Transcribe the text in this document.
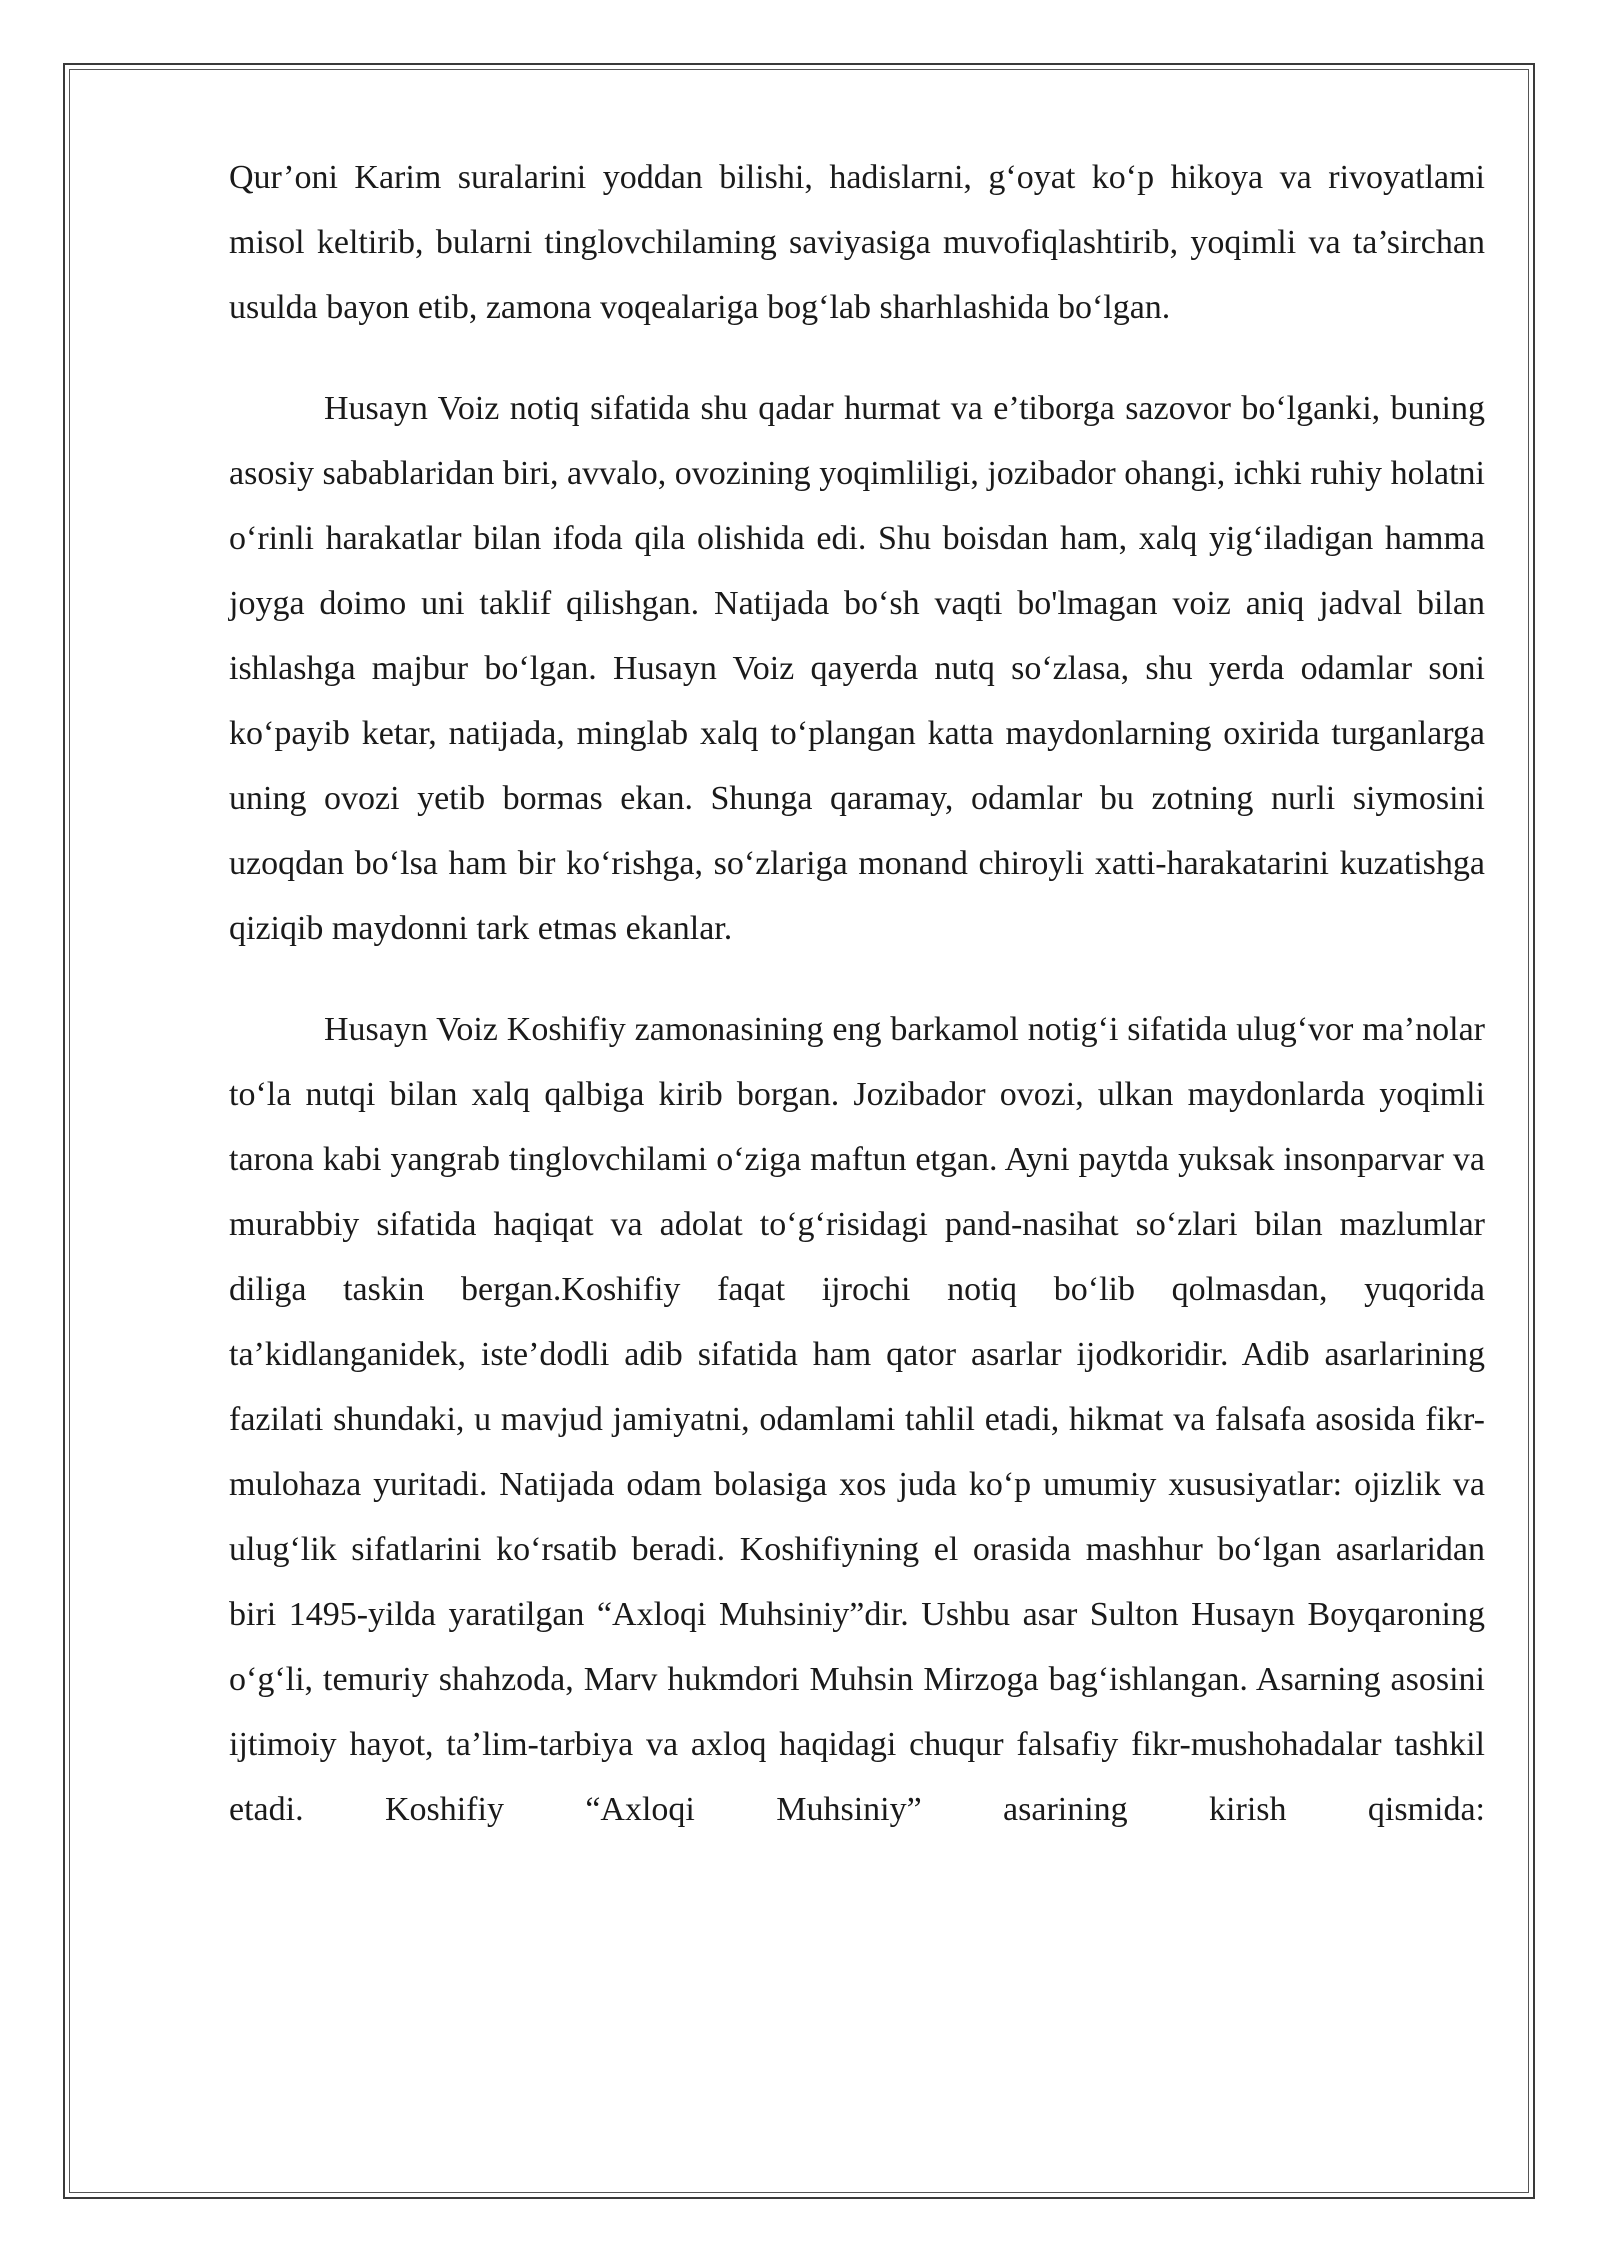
Qur’oni Karim suralarini yoddan bilishi, hadislarni, g‘oyat ko‘p hikoya va rivoyatlami misol keltirib, bularni tinglovchilaming saviyasiga muvofiqlashtirib, yoqimli va ta’sirchan usulda bayon etib, zamona voqealariga bog‘lab sharhlashida bo‘lgan.

Husayn Voiz notiq sifatida shu qadar hurmat va e’tiborga sazovor bo‘lganki, buning asosiy sabablaridan biri, avvalo, ovozining yoqimliligi, jozibador ohangi, ichki ruhiy holatni o‘rinli harakatlar bilan ifoda qila olishida edi. Shu boisdan ham, xalq yig‘iladigan hamma joyga doimo uni taklif qilishgan. Natijada bo‘sh vaqti bo'lmagan voiz aniq jadval bilan ishlashga majbur bo‘lgan. Husayn Voiz qayerda nutq so‘zlasa, shu yerda odamlar soni ko‘payib ketar, natijada, minglab xalq to‘plangan katta maydonlarning oxirida turganlarga uning ovozi yetib bormas ekan. Shunga qaramay, odamlar bu zotning nurli siymosini uzoqdan bo‘lsa ham bir ko‘rishga, so‘zlariga monand chiroyli xatti-harakatarini kuzatishga qiziqib maydonni tark etmas ekanlar.

Husayn Voiz Koshifiy zamonasining eng barkamol notig‘i sifatida ulug‘vor ma’nolar to‘la nutqi bilan xalq qalbiga kirib borgan. Jozibador ovozi, ulkan maydonlarda yoqimli tarona kabi yangrab tinglovchilami o‘ziga maftun etgan. Ayni paytda yuksak insonparvar va murabbiy sifatida haqiqat va adolat to‘g‘risidagi pand-nasihat so‘zlari bilan mazlumlar diliga taskin bergan.Koshifiy faqat ijrochi notiq bo‘lib qolmasdan, yuqorida ta’kidlanganidek, iste’dodli adib sifatida ham qator asarlar ijodkoridir. Adib asarlarining fazilati shundaki, u mavjud jamiyatni, odamlami tahlil etadi, hikmat va falsafa asosida fikr-mulohaza yuritadi. Natijada odam bolasiga xos juda ko‘p umumiy xususiyatlar: ojizlik va ulug‘lik sifatlarini ko‘rsatib beradi. Koshifiyning el orasida mashhur bo‘lgan asarlaridan biri 1495-yilda yaratilgan “Axloqi Muhsiniy”dir. Ushbu asar Sulton Husayn Boyqaroning o‘g‘li, temuriy shahzoda, Marv hukmdori Muhsin Mirzoga bag‘ishlangan. Asarning asosini ijtimoiy hayot, ta’lim-tarbiya va axloq haqidagi chuqur falsafiy fikr-mushohadalar tashkil etadi. Koshifiy “Axloqi Muhsiniy” asarining kirish qismida:
